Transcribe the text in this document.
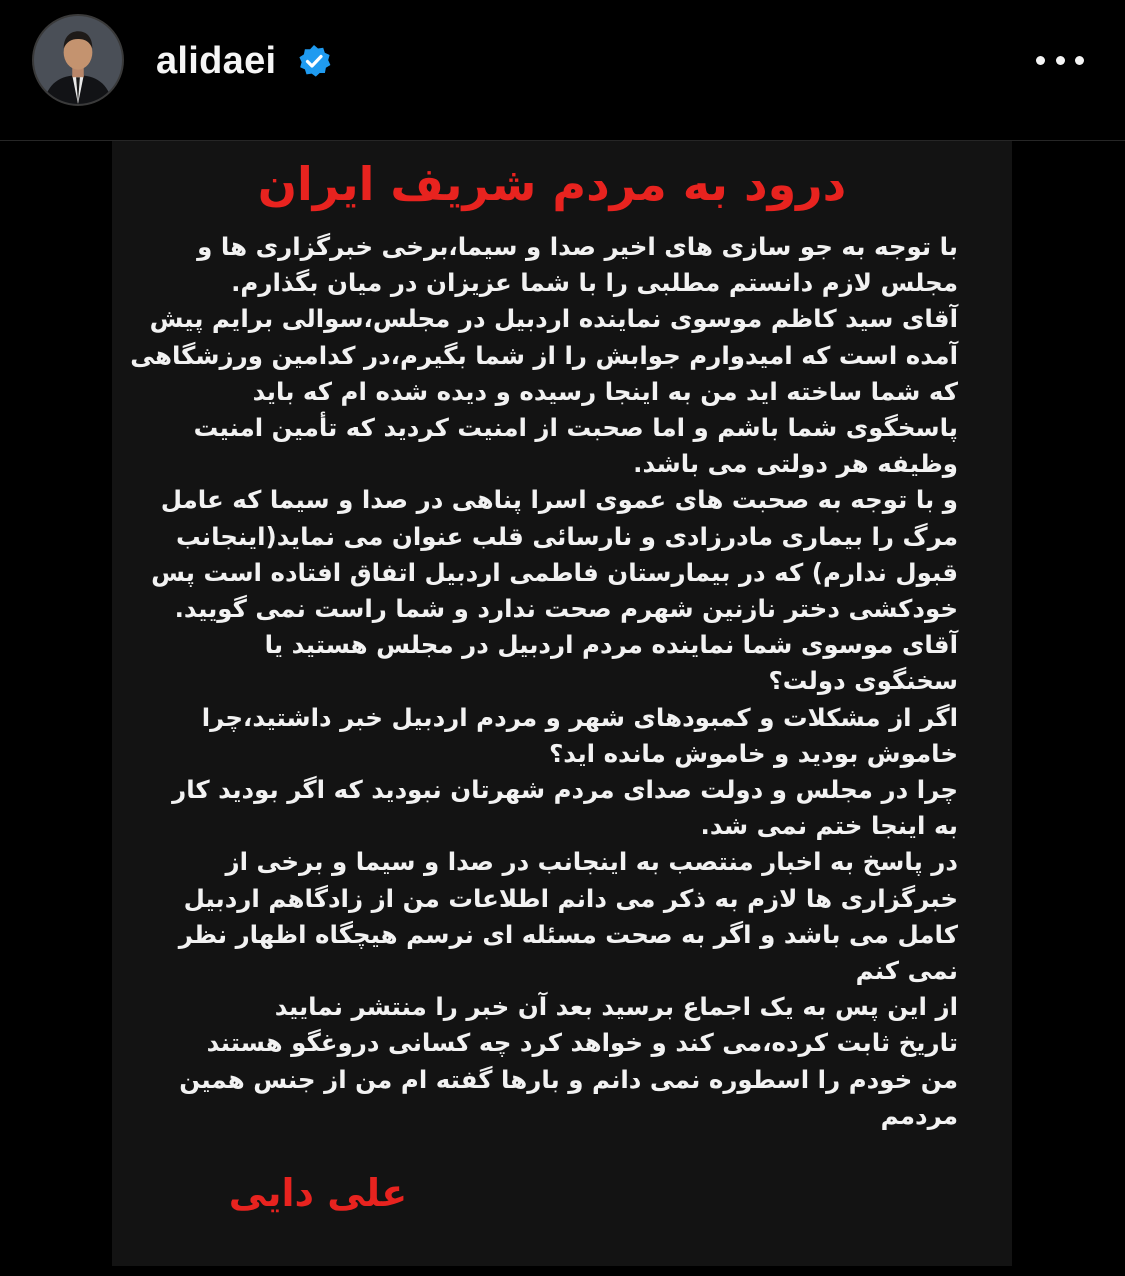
alidaei
درود به مردم شریف ایران
با توجه به جو سازی های اخیر صدا و سیما،برخی خبرگزاری ها و
مجلس لازم دانستم مطلبی را با شما عزیزان در میان بگذارم.
آقای سید کاظم موسوی نماینده اردبیل در مجلس،سوالی برایم پیش
آمده است که امیدوارم جوابش را از شما بگیرم،در کدامین ورزشگاهی
که شما ساخته اید من به اینجا رسیده و دیده شده ام که باید
پاسخگوی شما باشم و اما صحبت از امنیت کردید که تأمین امنیت
وظیفه هر دولتی می باشد.
و با توجه به صحبت های عموی اسرا پناهی در صدا و سیما که عامل
مرگ را بیماری مادرزادی و نارسائی قلب عنوان می نماید(اینجانب
قبول ندارم) که در بیمارستان فاطمی اردبیل اتفاق افتاده است پس
خودکشی دختر نازنین شهرم صحت ندارد و شما راست نمی گویید.
آقای موسوی شما نماینده مردم اردبیل در مجلس هستید یا
سخنگوی دولت؟
اگر از مشکلات و کمبودهای شهر و مردم اردبیل خبر داشتید،چرا
خاموش بودید و خاموش مانده اید؟
چرا در مجلس و دولت صدای مردم شهرتان نبودید که اگر بودید کار
به اینجا ختم نمی شد.
در پاسخ به اخبار منتصب به اینجانب در صدا و سیما و برخی از
خبرگزاری ها لازم به ذکر می دانم اطلاعات من از زادگاهم اردبیل
کامل می باشد و اگر به صحت مسئله ای نرسم هیچگاه اظهار نظر
نمی کنم
از این پس به یک اجماع برسید بعد آن خبر را منتشر نمایید
تاریخ ثابت کرده،می کند و خواهد کرد چه کسانی دروغگو هستند
من خودم را اسطوره نمی دانم و بارها گفته ام من از جنس همین
مردمم
علی دایی
